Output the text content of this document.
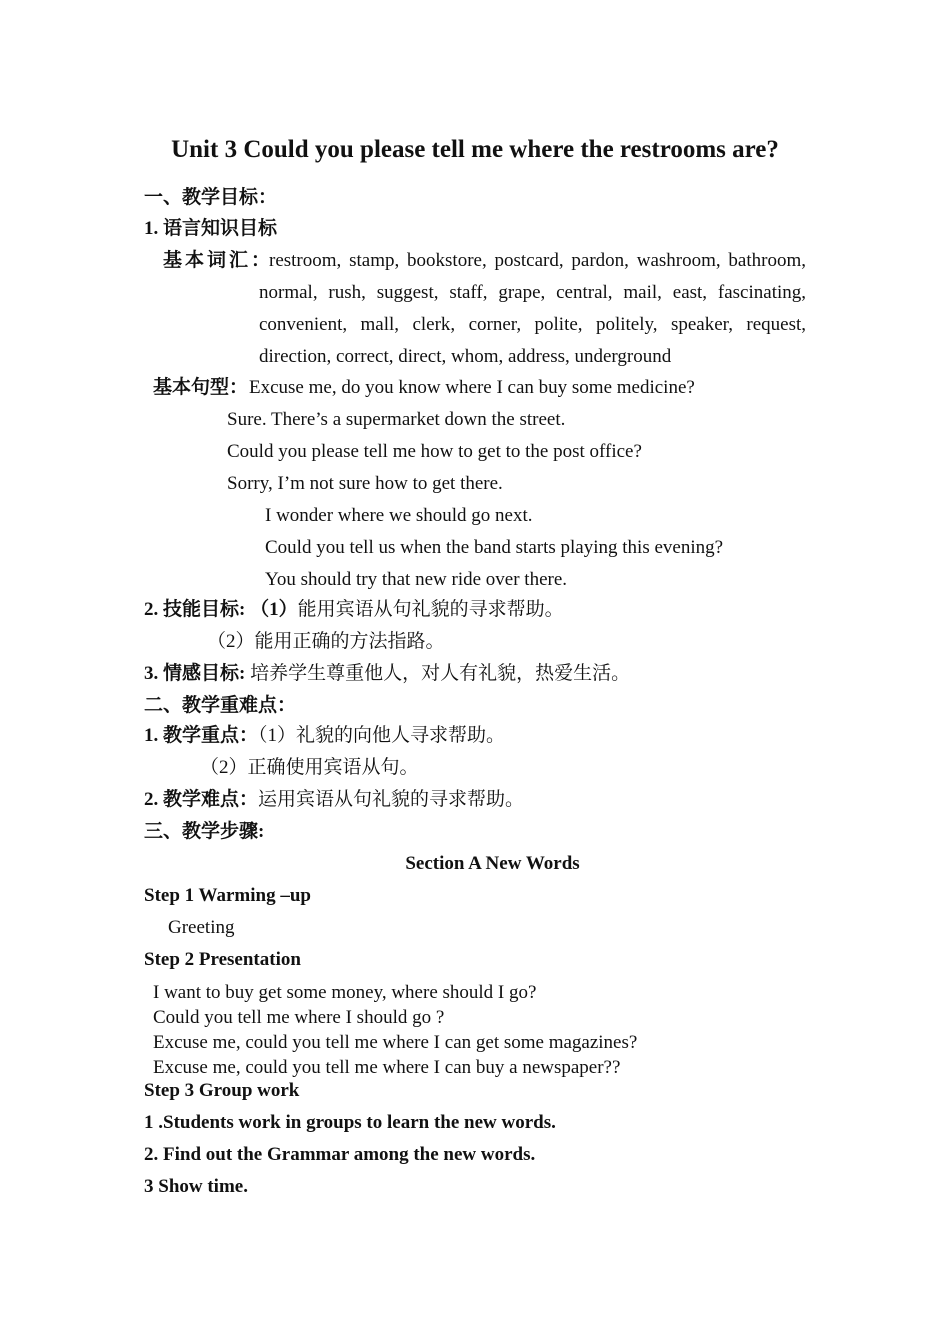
Unit 3 Could you please tell me where the restrooms are?
一、教学目标：
1. 语言知识目标
基本词汇：
restroom, stamp, bookstore, postcard, pardon, washroom, bathroom,
normal, rush, suggest, staff, grape, central, mail, east, fascinating,
convenient, mall, clerk, corner, polite, politely, speaker, request,
direction, correct, direct, whom, address, underground
基本句型： Excuse me, do you know where I can buy some medicine?
Sure. There’s a supermarket down the street.
Could you please tell me how to get to the post office?
Sorry, I’m not sure how to get there.
I wonder where we should go next.
Could you tell us when the band starts playing this evening?
You should try that new ride over there.
2. 技能目标: （1）能用宾语从句礼貌的寻求帮助。
（2）能用正确的方法指路。
3. 情感目标: 培养学生尊重他人，对人有礼貌，热爱生活。
二、教学重难点：
1. 教学重点：（1）礼貌的向他人寻求帮助。
（2）正确使用宾语从句。
2. 教学难点：运用宾语从句礼貌的寻求帮助。
三、教学步骤:
Section A New Words
Step 1 Warming –up
Greeting
Step 2 Presentation
I want to buy get some money, where should I go?
Could you tell me where I should go ?
Excuse me, could you tell me where I can get some magazines?
Excuse me, could you tell me where I can buy a newspaper??
Step 3 Group work
1 .Students work in groups to learn the new words.
2. Find out the Grammar among the new words.
3 Show time.
